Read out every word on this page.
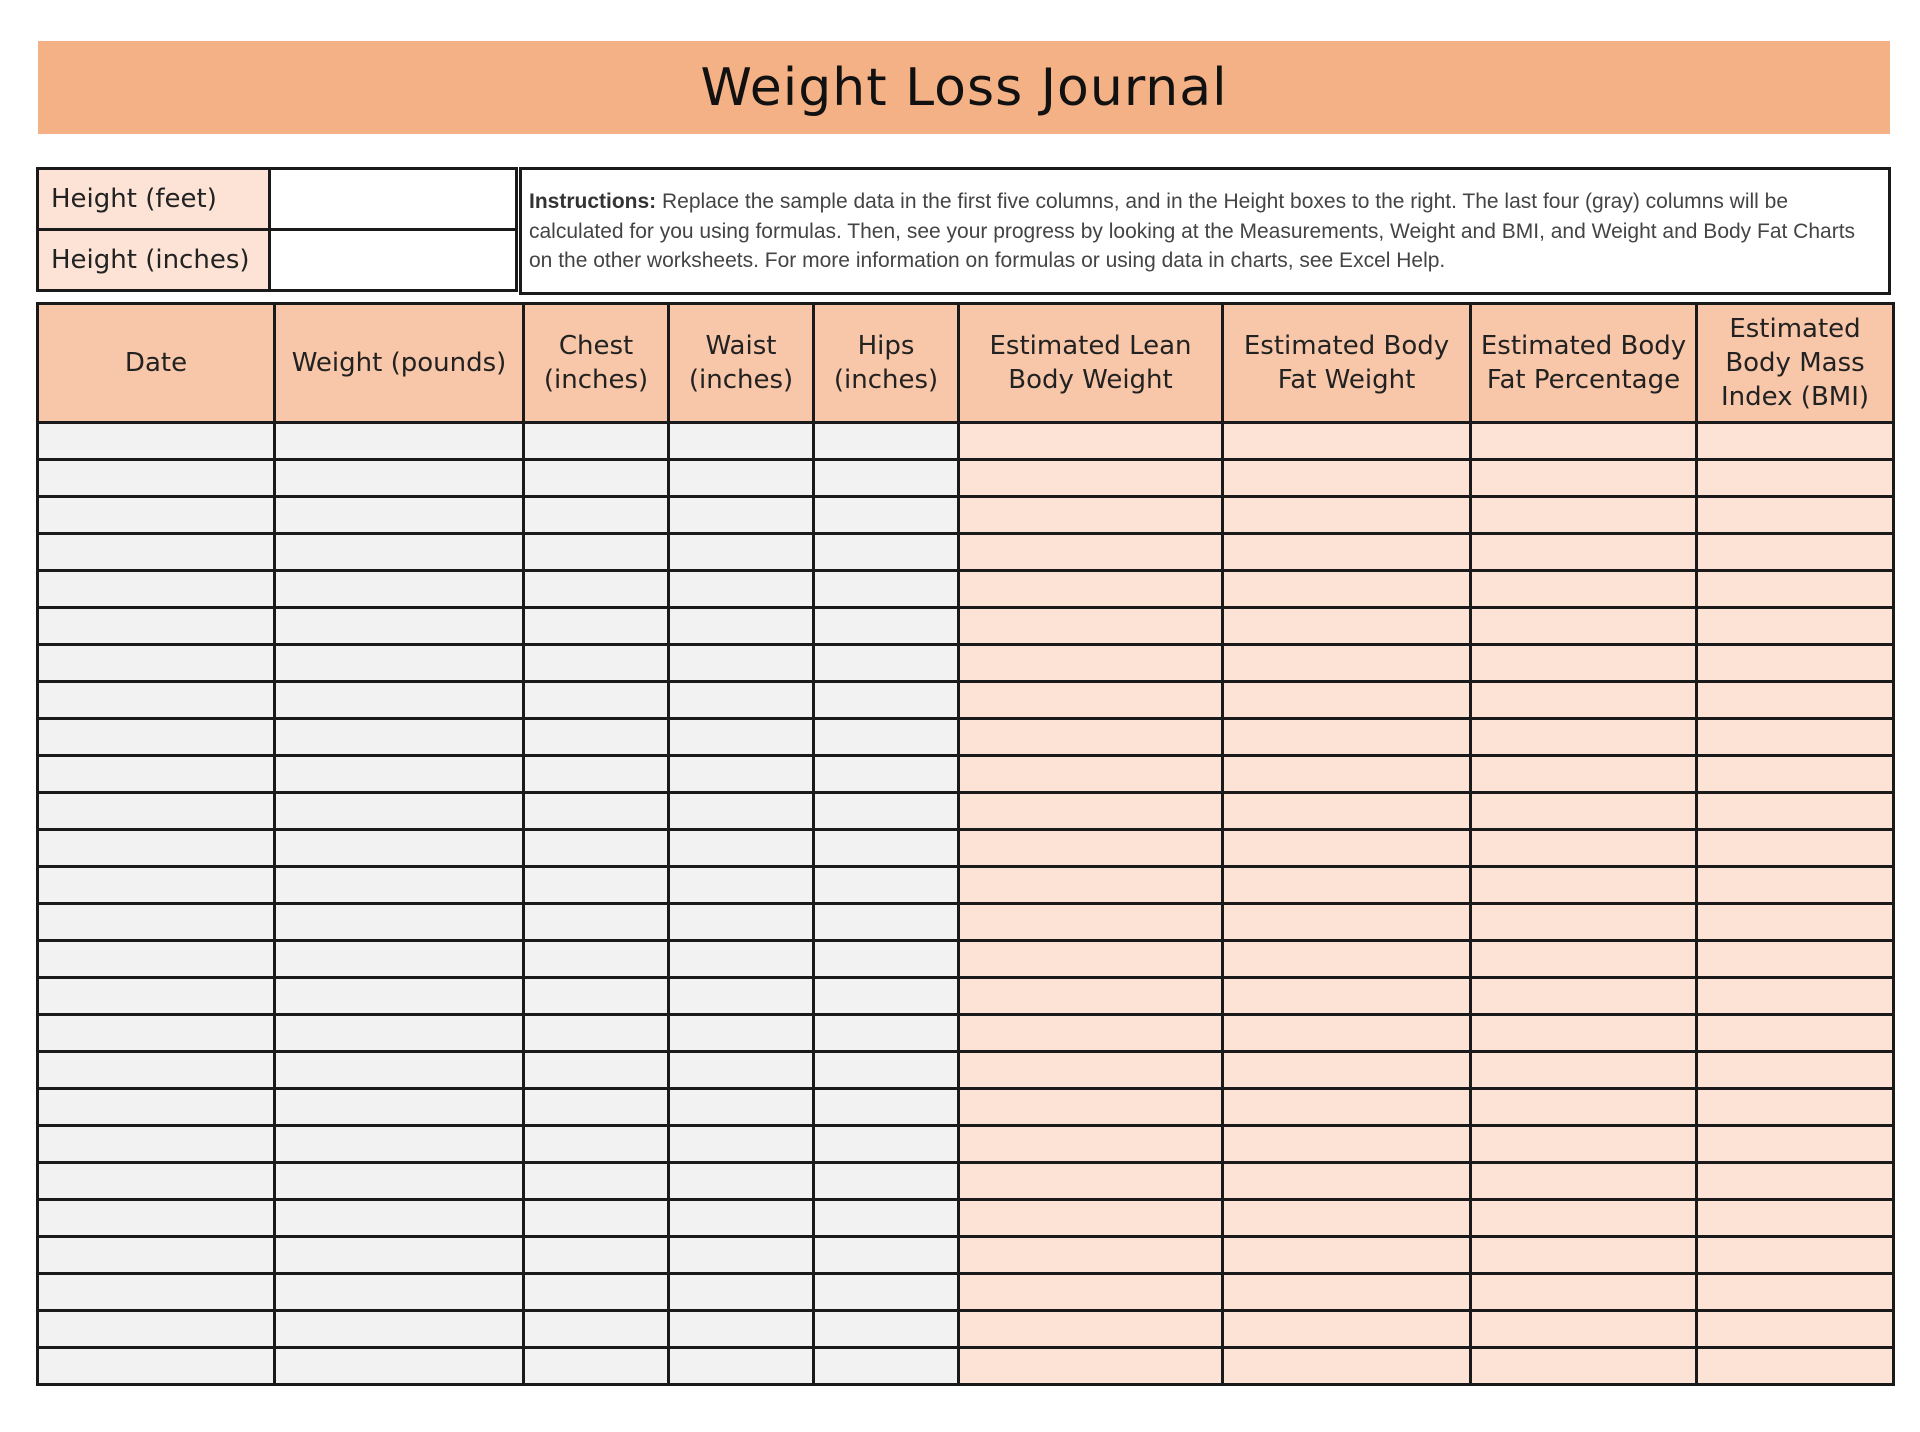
Weight Loss Journal
Height (feet)	
Height (inches)	
Instructions: Replace the sample data in the first five columns, and in the Height boxes to the right. The last four (gray) columns will be calculated for you using formulas. Then, see your progress by looking at the Measurements, Weight and BMI, and Weight and Body Fat Charts on the other worksheets. For more information on formulas or using data in charts, see Excel Help.
Date	Weight (pounds)	Chest (inches)	Waist (inches)	Hips (inches)	Estimated Lean Body Weight	Estimated Body Fat Weight	Estimated Body Fat Percentage	Estimated Body Mass Index (BMI)
